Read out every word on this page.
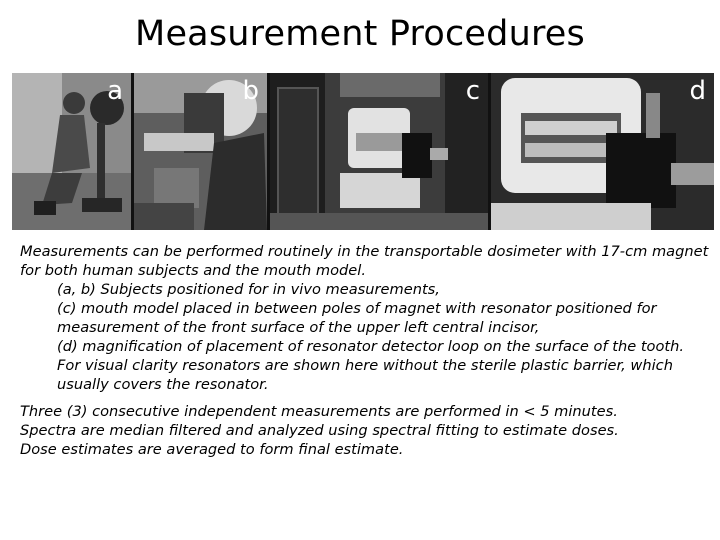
Measurement Procedures
a	b	c	d

Measurements can be performed routinely in the transportable dosimeter with 17-cm magnet for both human subjects and the mouth model.

(a, b) Subjects positioned for in vivo measurements,

(c) mouth model placed in between poles of magnet with resonator positioned for measurement of the front surface of the upper left central incisor,

(d) magnification of placement of resonator detector loop on the surface of the tooth. For visual clarity resonators are shown here without the sterile plastic barrier, which usually covers the resonator.

Three (3) consecutive independent measurements are performed in < 5 minutes.

Spectra are median filtered and analyzed using spectral fitting to estimate doses.

Dose estimates are averaged to form final estimate.
